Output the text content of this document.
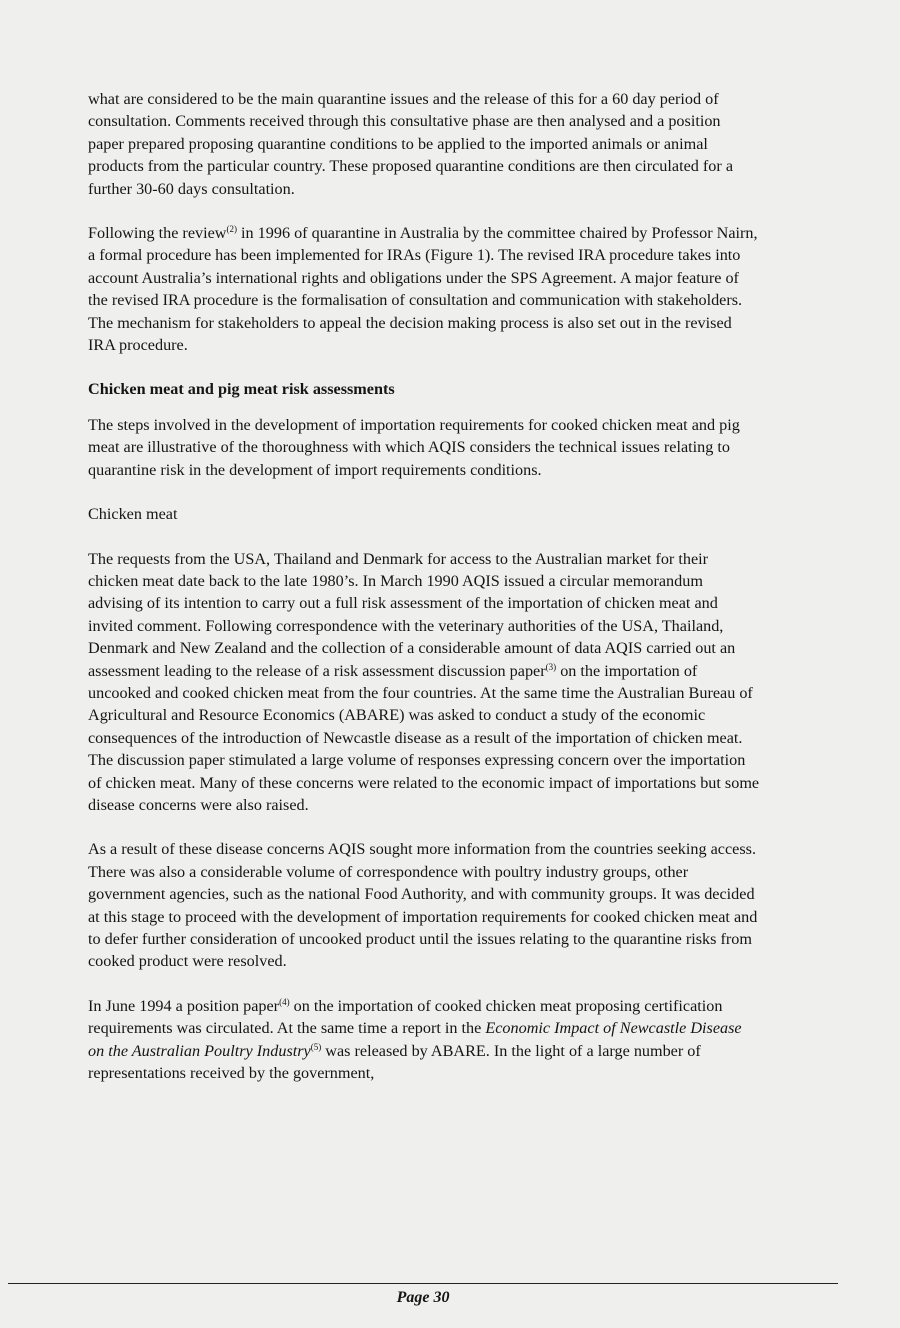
what are considered to be the main quarantine issues and the release of this for a 60 day period of consultation. Comments received through this consultative phase are then analysed and a position paper prepared proposing quarantine conditions to be applied to the imported animals or animal products from the particular country. These proposed quarantine conditions are then circulated for a further 30-60 days consultation.

Following the review$^{(2)}$ in 1996 of quarantine in Australia by the committee chaired by Professor Nairn, a formal procedure has been implemented for IRAs (Figure 1). The revised IRA procedure takes into account Australia’s international rights and obligations under the SPS Agreement. A major feature of the revised IRA procedure is the formalisation of consultation and communication with stakeholders. The mechanism for stakeholders to appeal the decision making process is also set out in the revised IRA procedure.

Chicken meat and pig meat risk assessments

The steps involved in the development of importation requirements for cooked chicken meat and pig meat are illustrative of the thoroughness with which AQIS considers the technical issues relating to quarantine risk in the development of import requirements conditions.

Chicken meat

The requests from the USA, Thailand and Denmark for access to the Australian market for their chicken meat date back to the late 1980’s. In March 1990 AQIS issued a circular memorandum advising of its intention to carry out a full risk assessment of the importation of chicken meat and invited comment. Following correspondence with the veterinary authorities of the USA, Thailand, Denmark and New Zealand and the collection of a considerable amount of data AQIS carried out an assessment leading to the release of a risk assessment discussion paper$^{(3)}$ on the importation of uncooked and cooked chicken meat from the four countries. At the same time the Australian Bureau of Agricultural and Resource Economics (ABARE) was asked to conduct a study of the economic consequences of the introduction of Newcastle disease as a result of the importation of chicken meat. The discussion paper stimulated a large volume of responses expressing concern over the importation of chicken meat. Many of these concerns were related to the economic impact of importations but some disease concerns were also raised.

As a result of these disease concerns AQIS sought more information from the countries seeking access. There was also a considerable volume of correspondence with poultry industry groups, other government agencies, such as the national Food Authority, and with community groups. It was decided at this stage to proceed with the development of importation requirements for cooked chicken meat and to defer further consideration of uncooked product until the issues relating to the quarantine risks from cooked product were resolved.

In June 1994 a position paper$^{(4)}$ on the importation of cooked chicken meat proposing certification requirements was circulated. At the same time a report in the Economic Impact of Newcastle Disease on the Australian Poultry Industry$^{(5)}$ was released by ABARE. In the light of a large number of representations received by the government,

Page 30
